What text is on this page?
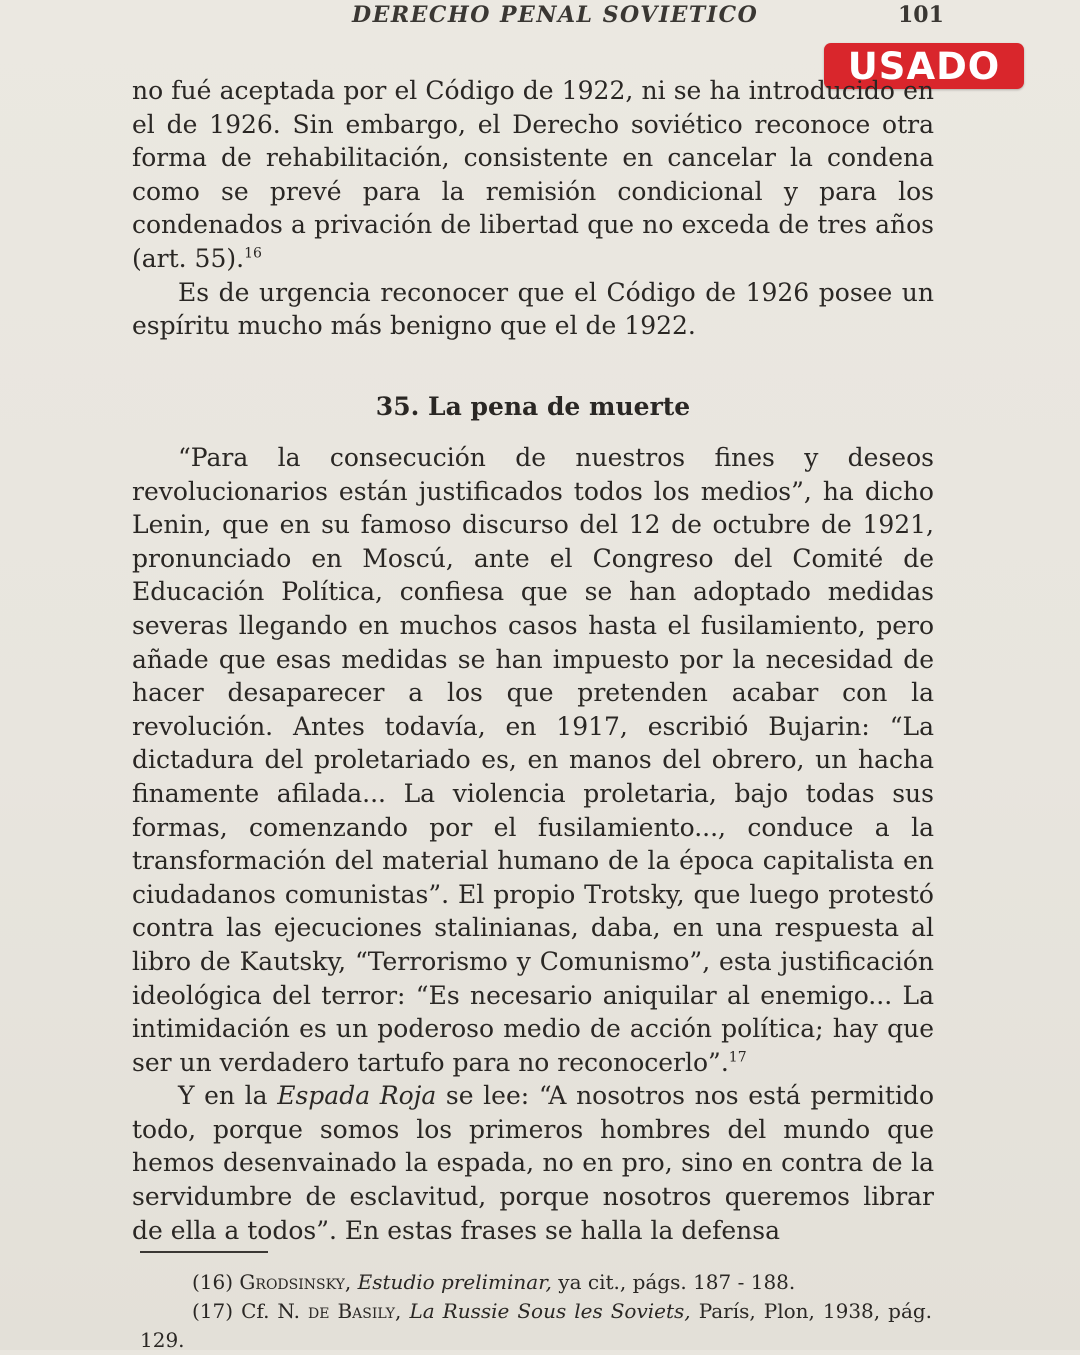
DERECHO PENAL SOVIETICO	101
USADO

no fué aceptada por el Código de 1922, ni se ha introducido en el de 1926. Sin embargo, el Derecho soviético reconoce otra forma de rehabilitación, consistente en cancelar la condena como se prevé para la remisión condicional y para los condenados a privación de libertad que no exceda de tres años (art. 55).$^{16}$

Es de urgencia reconocer que el Código de 1926 posee un espíritu mucho más benigno que el de 1922.

35. La pena de muerte

“Para la consecución de nuestros fines y deseos revolucionarios están justificados todos los medios”, ha dicho Lenin, que en su famoso discurso del 12 de octubre de 1921, pronunciado en Moscú, ante el Congreso del Comité de Educación Política, confiesa que se han adoptado medidas severas llegando en muchos casos hasta el fusilamiento, pero añade que esas medidas se han impuesto por la necesidad de hacer desaparecer a los que pretenden acabar con la revolución. Antes todavía, en 1917, escribió Bujarin: “La dictadura del proletariado es, en manos del obrero, un hacha finamente afilada... La violencia proletaria, bajo todas sus formas, comenzando por el fusilamiento..., conduce a la transformación del material humano de la época capitalista en ciudadanos comunistas”. El propio Trotsky, que luego protestó contra las ejecuciones stalinianas, daba, en una respuesta al libro de Kautsky, “Terrorismo y Comunismo”, esta justificación ideológica del terror: “Es necesario aniquilar al enemigo... La intimidación es un poderoso medio de acción política; hay que ser un verdadero tartufo para no reconocerlo”.$^{17}$

Y en la Espada Roja se lee: “A nosotros nos está permitido todo, porque somos los primeros hombres del mundo que hemos desenvainado la espada, no en pro, sino en contra de la servidumbre de esclavitud, porque nosotros queremos librar de ella a todos”. En estas frases se halla la defensa

(16) Grodsinsky, Estudio preliminar, ya cit., págs. 187 - 188.

(17) Cf. N. de Basily, La Russie Sous les Soviets, París, Plon, 1938, pág. 129.
